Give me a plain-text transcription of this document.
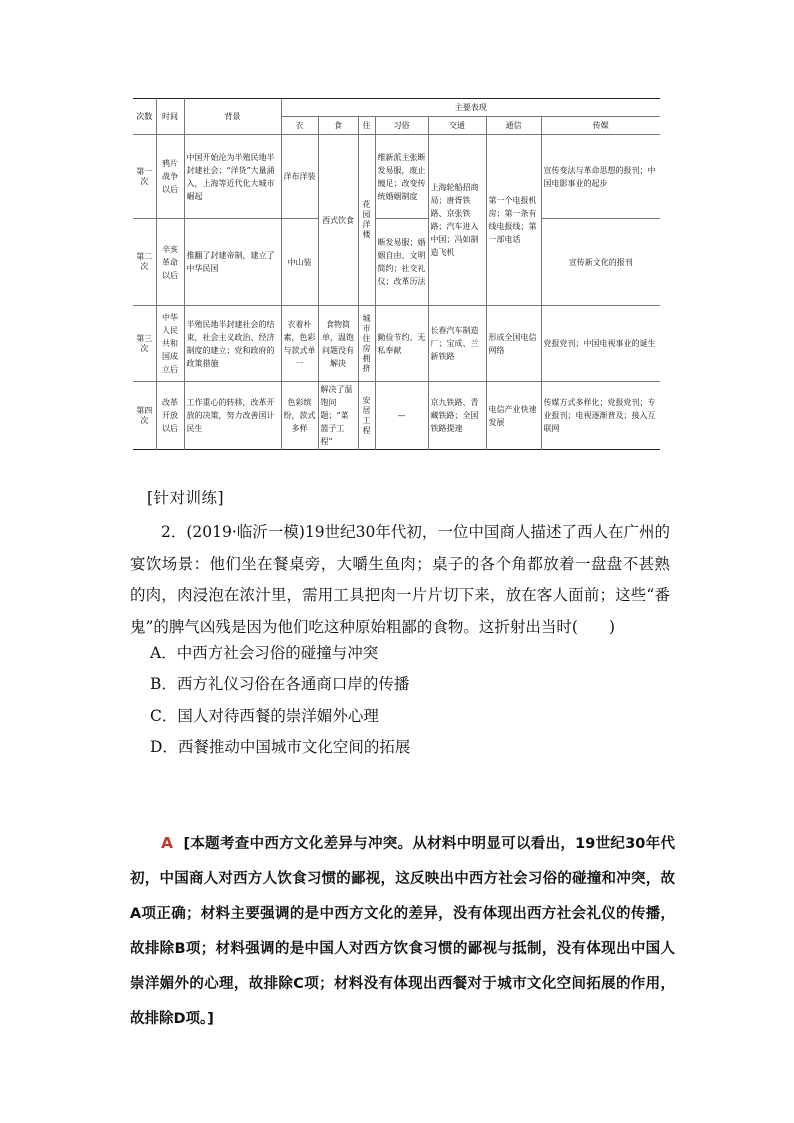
次数	时间	背景	主要表现						
			衣	食	住	习俗	交通	通信	传媒
第一次	鸦片战争以后	中国开始沦为半殖民地半封建社会；“洋货”大量涌入，上海等近代化大城市崛起	洋布洋装	西式饮食	花园洋楼	维新派主张断发易服，废止缠足；改变传统婚姻制度	上海轮船招商局；唐胥铁路、京张铁路；汽车进入中国；冯如制造飞机	第一个电报机房；第一条有线电报线；第一部电话	宣传变法与革命思想的报刊；中国电影事业的起步
第二次	辛亥革命以后	推翻了封建帝制，建立了中华民国	中山装			断发易服；婚姻自由、文明简约；社交礼仪；改革历法			宣传新文化的报刊
第三次	中华人民共和国成立后	半殖民地半封建社会的结束，社会主义政治、经济制度的建立；党和政府的政策措施	衣着朴素，色彩与款式单一	食物简单，温饱问题没有解决	城市住房拥挤	勤俭节约、无私奉献	长春汽车制造厂；宝成、兰新铁路	形成全国电信网络	党报党刊；中国电视事业的诞生
第四次	改革开放以后	工作重心的转移，改革开放的决策，努力改善国计民生	色彩缤纷，款式多样	解决了温饱问题；“菜篮子工程”	安居工程	—	京九铁路、青藏铁路；全国铁路提速	电信产业快速发展	传媒方式多样化；党报党刊；专业报刊；电视逐渐普及；接入互联网
[针对训练]
2．(2019·临沂一模)19世纪30年代初，一位中国商人描述了西人在广州的宴饮场景：他们坐在餐桌旁，大嚼生鱼肉；桌子的各个角都放着一盘盘不甚熟的肉，肉浸泡在浓汁里，需用工具把肉一片片切下来，放在客人面前；这些“番鬼”的脾气凶残是因为他们吃这种原始粗鄙的食物。这折射出当时(　　)
A．中西方社会习俗的碰撞与冲突
B．西方礼仪习俗在各通商口岸的传播
C．国人对待西餐的崇洋媚外心理
D．西餐推动中国城市文化空间的拓展
A [本题考查中西方文化差异与冲突。从材料中明显可以看出，19世纪30年代初，中国商人对西方人饮食习惯的鄙视，这反映出中西方社会习俗的碰撞和冲突，故A项正确；材料主要强调的是中西方文化的差异，没有体现出西方社会礼仪的传播，故排除B项；材料强调的是中国人对西方饮食习惯的鄙视与抵制，没有体现出中国人崇洋媚外的心理，故排除C项；材料没有体现出西餐对于城市文化空间拓展的作用，故排除D项。]
